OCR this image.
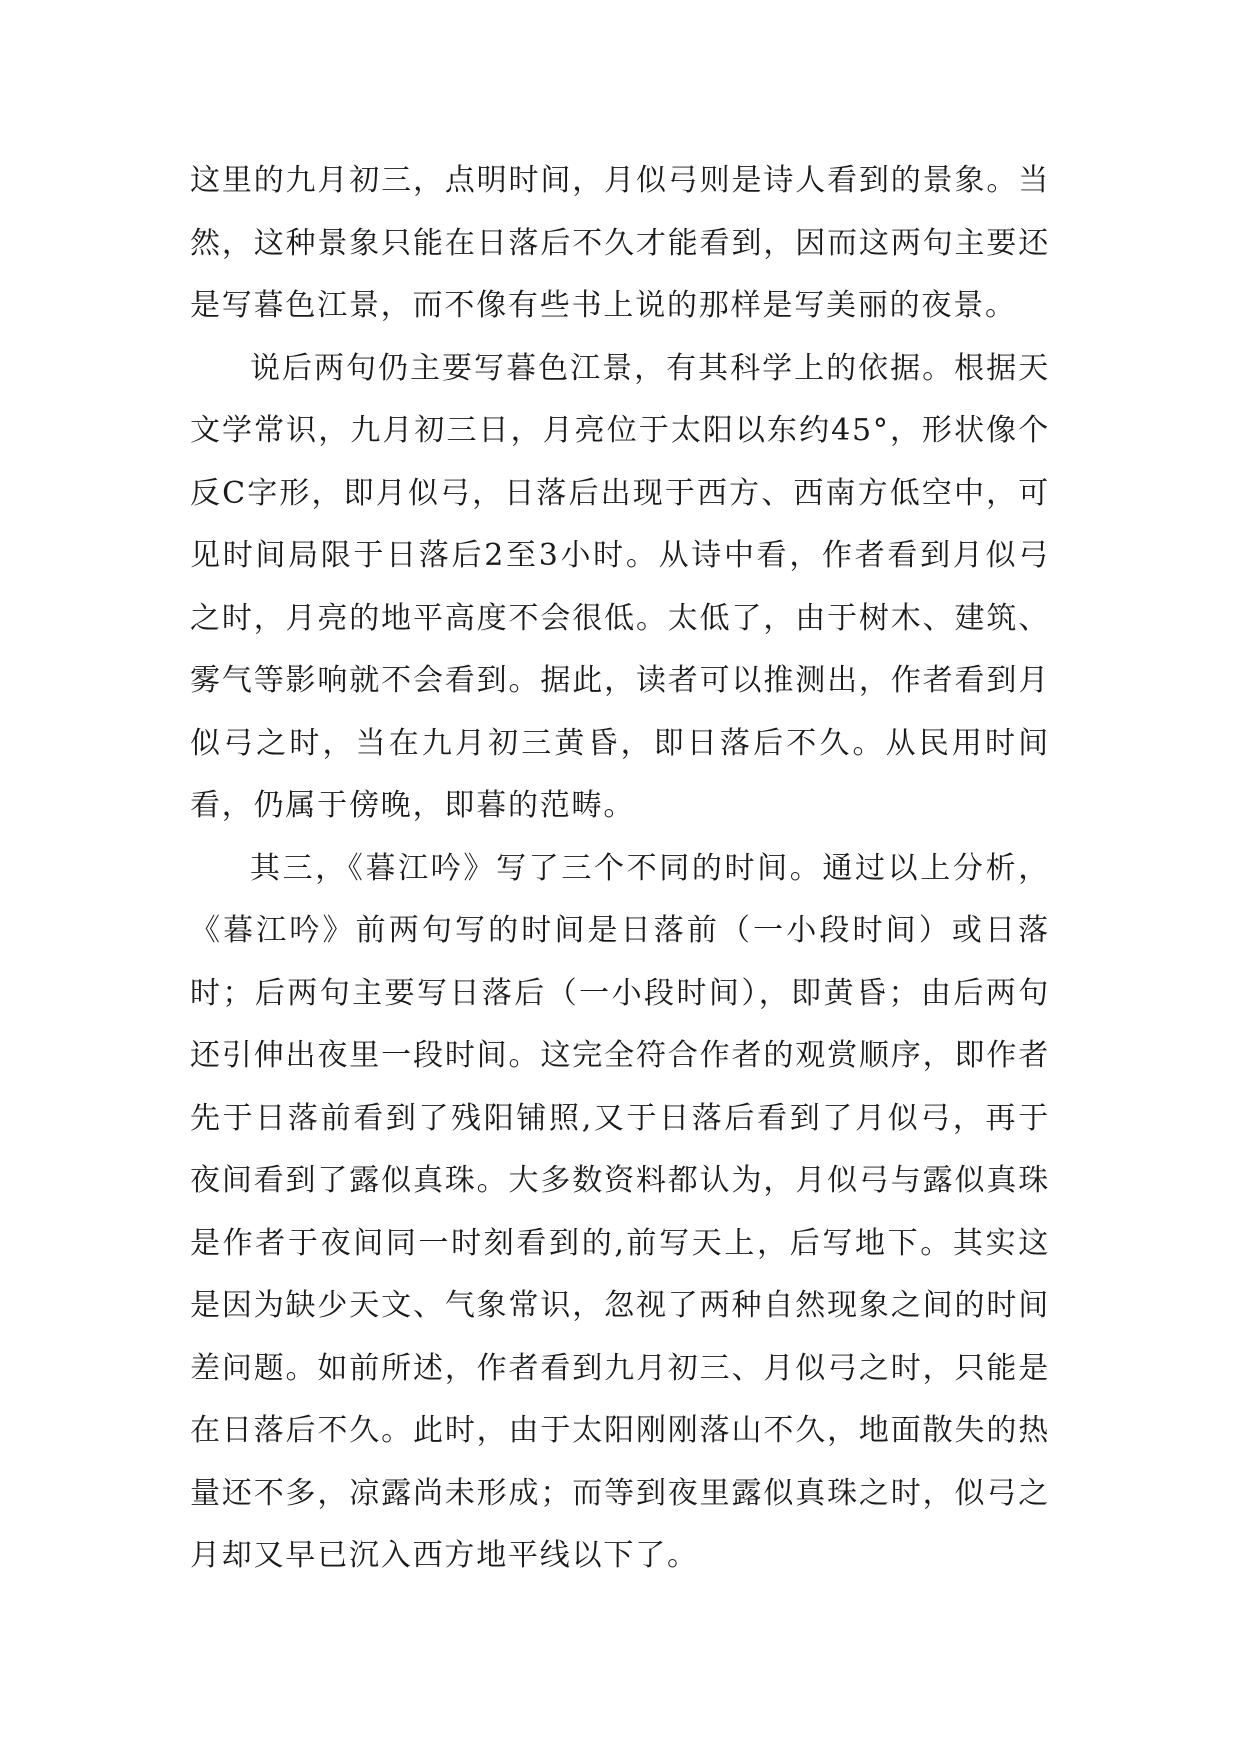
这里的九月初三，点明时间，月似弓则是诗人看到的景象。当然，这种景象只能在日落后不久才能看到，因而这两句主要还是写暮色江景，而不像有些书上说的那样是写美丽的夜景。

说后两句仍主要写暮色江景，有其科学上的依据。根据天文学常识，九月初三日，月亮位于太阳以东约45°，形状像个反C字形，即月似弓，日落后出现于西方、西南方低空中，可见时间局限于日落后2至3小时。从诗中看，作者看到月似弓之时，月亮的地平高度不会很低。太低了，由于树木、建筑、雾气等影响就不会看到。据此，读者可以推测出，作者看到月似弓之时，当在九月初三黄昏，即日落后不久。从民用时间看，仍属于傍晚，即暮的范畴。

其三，《暮江吟》写了三个不同的时间。通过以上分析，《暮江吟》前两句写的时间是日落前（一小段时间）或日落时；后两句主要写日落后（一小段时间），即黄昏；由后两句还引伸出夜里一段时间。这完全符合作者的观赏顺序，即作者先于日落前看到了残阳铺照,又于日落后看到了月似弓，再于夜间看到了露似真珠。大多数资料都认为，月似弓与露似真珠是作者于夜间同一时刻看到的,前写天上，后写地下。其实这是因为缺少天文、气象常识，忽视了两种自然现象之间的时间差问题。如前所述，作者看到九月初三、月似弓之时，只能是在日落后不久。此时，由于太阳刚刚落山不久，地面散失的热量还不多，凉露尚未形成；而等到夜里露似真珠之时，似弓之月却又早已沉入西方地平线以下了。
